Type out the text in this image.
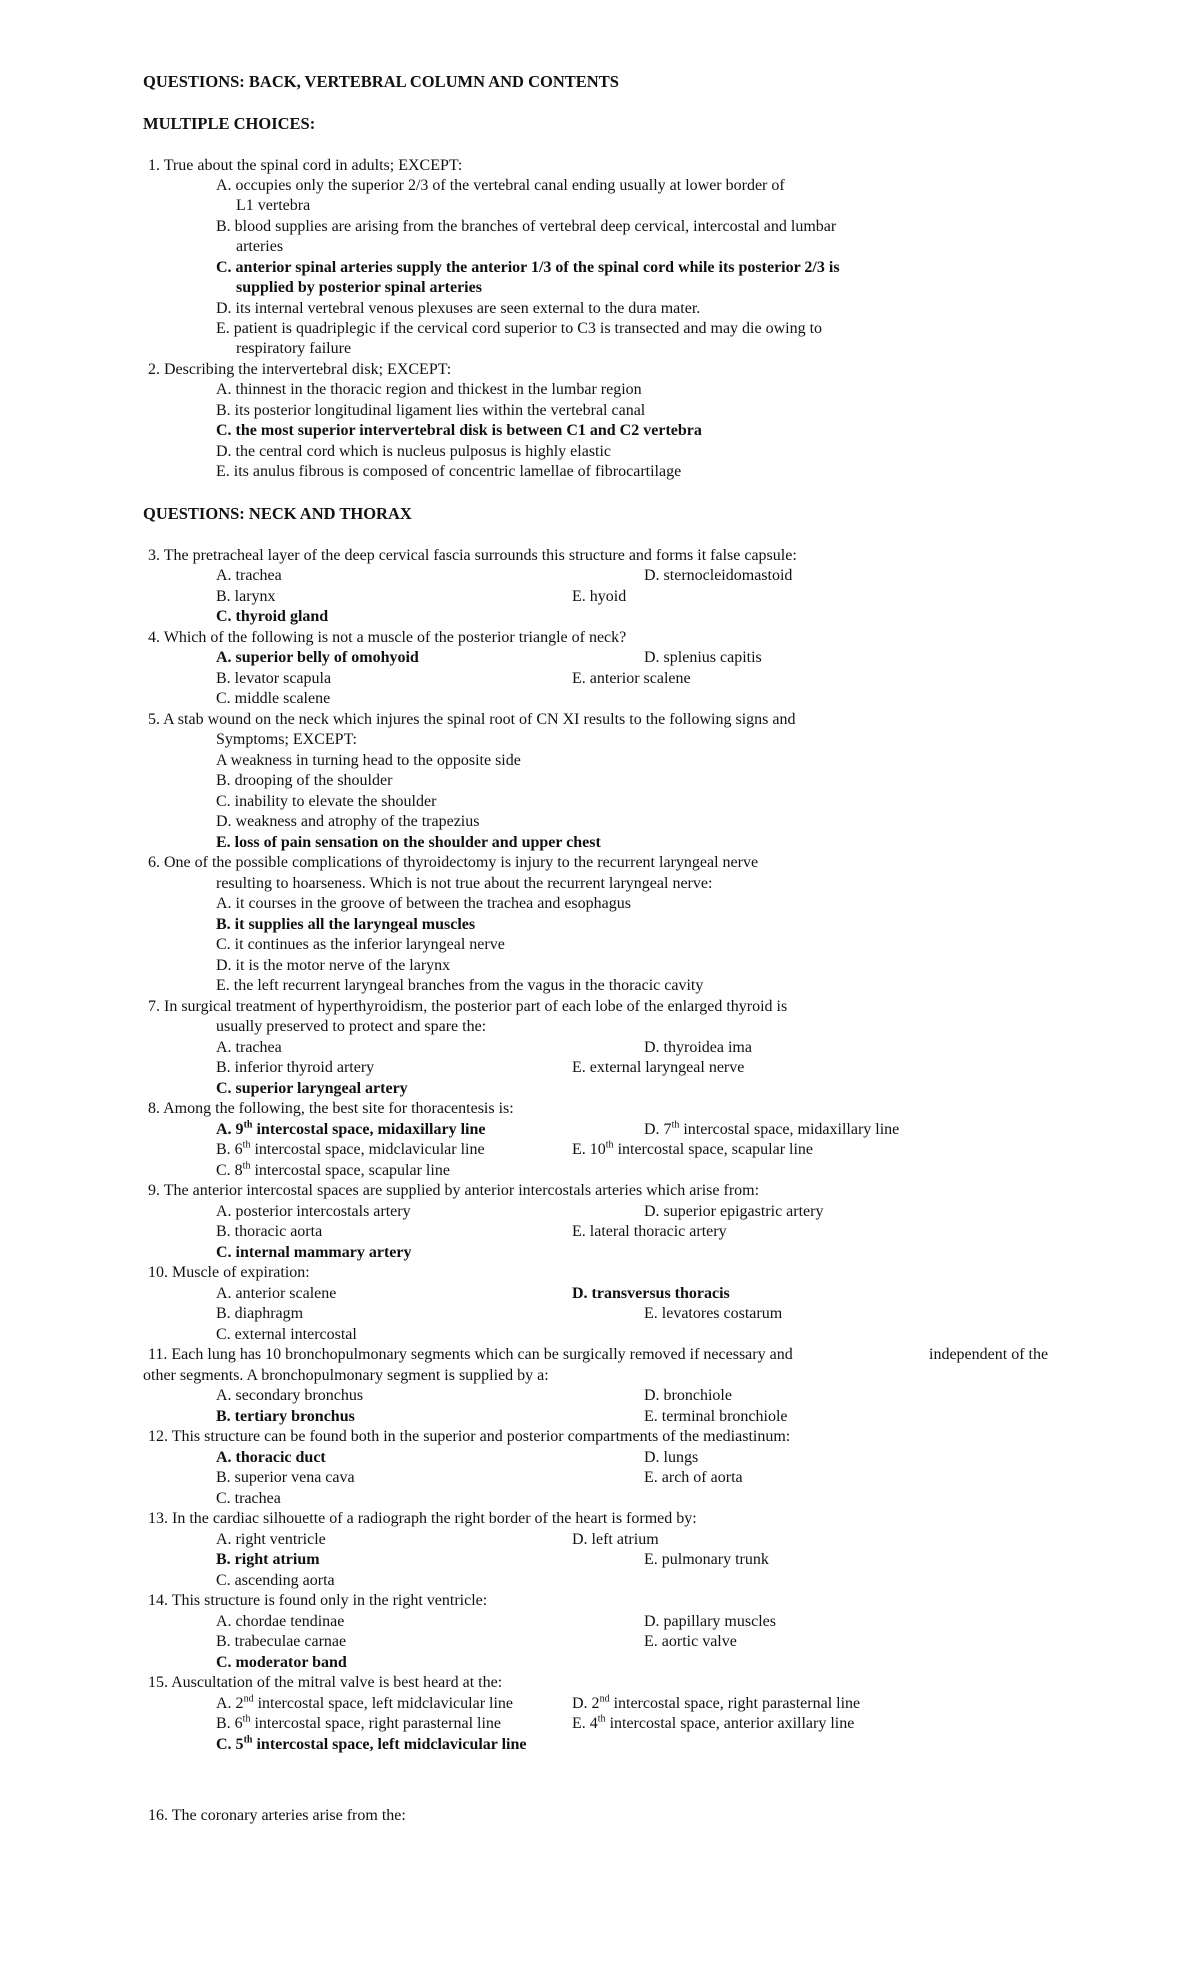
QUESTIONS: BACK, VERTEBRAL COLUMN AND CONTENTS
MULTIPLE CHOICES:
1. True about the spinal cord in adults; EXCEPT:
A. occupies only the superior 2/3 of the vertebral canal ending usually at lower border of
L1 vertebra
B. blood supplies are arising from the branches of vertebral deep cervical, intercostal and lumbar
arteries
C. anterior spinal arteries supply the anterior 1/3 of the spinal cord while its posterior 2/3 is
supplied by posterior spinal arteries
D. its internal vertebral venous plexuses are seen external to the dura mater.
E. patient is quadriplegic if the cervical cord superior to C3 is transected and may die owing to
respiratory failure
2. Describing the intervertebral disk; EXCEPT:
A. thinnest in the thoracic region and thickest in the lumbar region
B. its posterior longitudinal ligament lies within the vertebral canal
C. the most superior intervertebral disk is between C1 and C2 vertebra
D. the central cord which is nucleus pulposus is highly elastic
E. its anulus fibrous is composed of concentric lamellae of fibrocartilage
QUESTIONS: NECK AND THORAX
3. The pretracheal layer of the deep cervical fascia surrounds this structure and forms it false capsule:
A. trachea	D. sternocleidomastoid
B. larynx	E. hyoid
C. thyroid gland
4. Which of the following is not a muscle of the posterior triangle of neck?
A. superior belly of omohyoid	D. splenius capitis
B. levator scapula	E. anterior scalene
C. middle scalene
5. A stab wound on the neck which injures the spinal root of CN XI results to the following signs and
Symptoms; EXCEPT:
A weakness in turning head to the opposite side
B. drooping of the shoulder
C. inability to elevate the shoulder
D. weakness and atrophy of the trapezius
E. loss of pain sensation on the shoulder and upper chest
6. One of the possible complications of thyroidectomy is injury to the recurrent laryngeal nerve
resulting to hoarseness. Which is not true about the recurrent laryngeal nerve:
A. it courses in the groove of between the trachea and esophagus
B. it supplies all the laryngeal muscles
C. it continues as the inferior laryngeal nerve
D. it is the motor nerve of the larynx
E. the left recurrent laryngeal branches from the vagus in the thoracic cavity
7. In surgical treatment of hyperthyroidism, the posterior part of each lobe of the enlarged thyroid is
usually preserved to protect and spare the:
A. trachea	D. thyroidea ima
B. inferior thyroid artery	E. external laryngeal nerve
C. superior laryngeal artery
8. Among the following, the best site for thoracentesis is:
A. 9th intercostal space, midaxillary line	D. 7th intercostal space, midaxillary line
B. 6th intercostal space, midclavicular line	E. 10th intercostal space, scapular line
C. 8th intercostal space, scapular line
9. The anterior intercostal spaces are supplied by anterior intercostals arteries which arise from:
A. posterior intercostals artery	D. superior epigastric artery
B. thoracic aorta	E. lateral thoracic artery
C. internal mammary artery
10. Muscle of expiration:
A. anterior scalene	D. transversus thoracis
B. diaphragm	E. levatores costarum
C. external intercostal
11. Each lung has 10 bronchopulmonary segments which can be surgically removed if necessary and	independent of the
other segments. A bronchopulmonary segment is supplied by a:
A. secondary bronchus	D. bronchiole
B. tertiary bronchus	E. terminal bronchiole
12. This structure can be found both in the superior and posterior compartments of the mediastinum:
A. thoracic duct	D. lungs
B. superior vena cava	E. arch of aorta
C. trachea
13. In the cardiac silhouette of a radiograph the right border of the heart is formed by:
A. right ventricle	D. left atrium
B. right atrium	E. pulmonary trunk
C. ascending aorta
14. This structure is found only in the right ventricle:
A. chordae tendinae	D. papillary muscles
B. trabeculae carnae	E. aortic valve
C. moderator band
15. Auscultation of the mitral valve is best heard at the:
A. 2nd intercostal space, left midclavicular line	D. 2nd intercostal space, right parasternal line
B. 6th intercostal space, right parasternal line	E. 4th intercostal space, anterior axillary line
C. 5th intercostal space, left midclavicular line
16. The coronary arteries arise from the:
